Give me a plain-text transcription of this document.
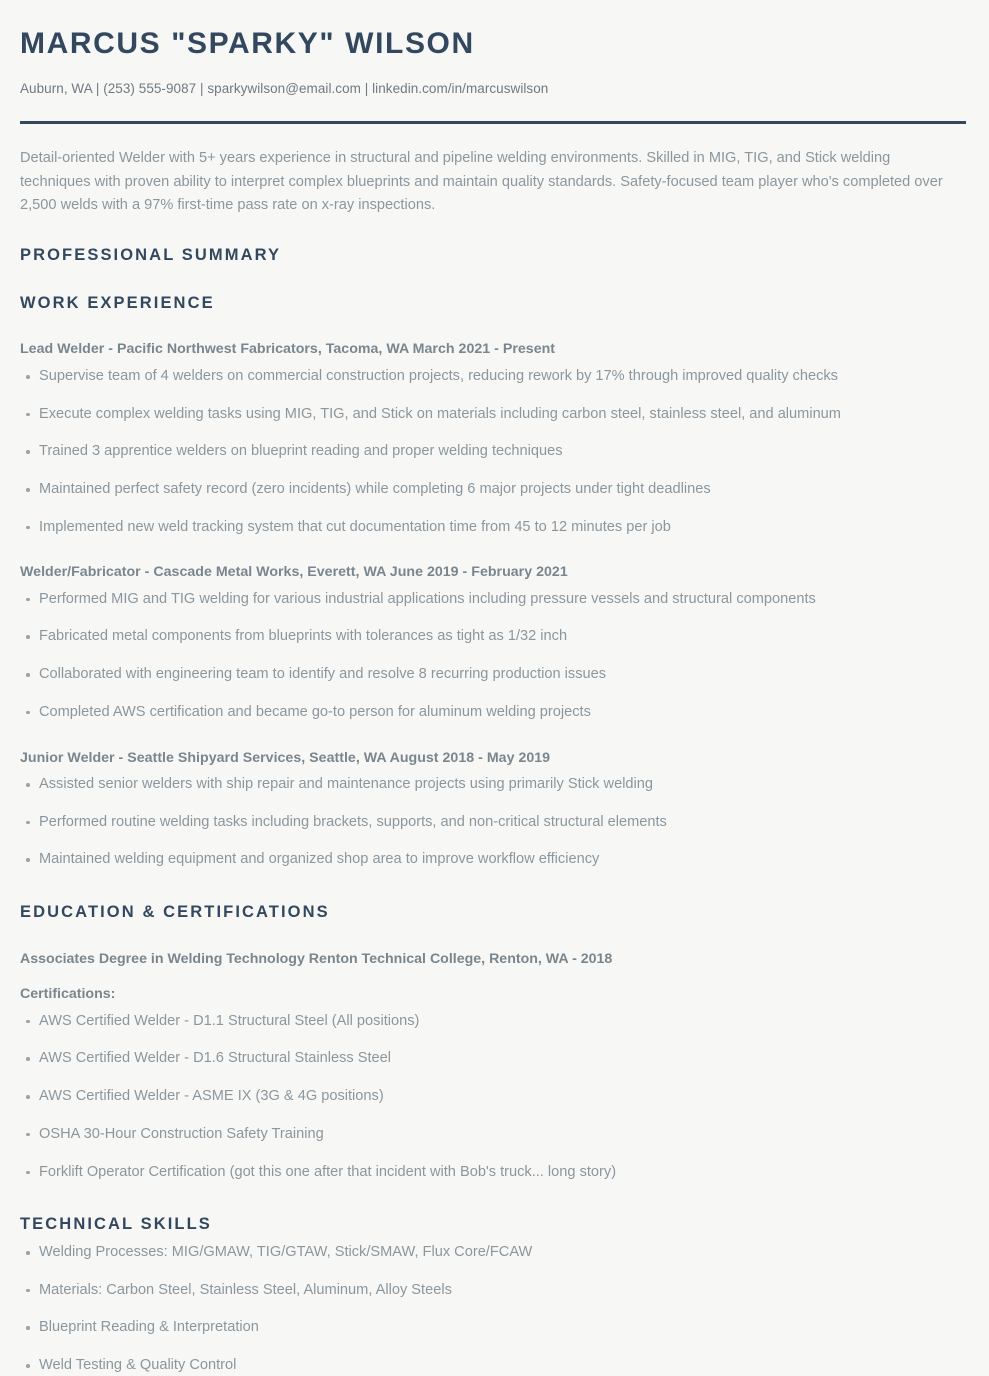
MARCUS "SPARKY" WILSON
Auburn, WA | (253) 555-9087 | sparkywilson@email.com | linkedin.com/in/marcuswilson

Detail-oriented Welder with 5+ years experience in structural and pipeline welding environments. Skilled in MIG, TIG, and Stick welding techniques with proven ability to interpret complex blueprints and maintain quality standards. Safety-focused team player who's completed over 2,500 welds with a 97% first-time pass rate on x-ray inspections.

PROFESSIONAL SUMMARY
WORK EXPERIENCE
Lead Welder - Pacific Northwest Fabricators, Tacoma, WA March 2021 - Present
Supervise team of 4 welders on commercial construction projects, reducing rework by 17% through improved quality checks
Execute complex welding tasks using MIG, TIG, and Stick on materials including carbon steel, stainless steel, and aluminum
Trained 3 apprentice welders on blueprint reading and proper welding techniques
Maintained perfect safety record (zero incidents) while completing 6 major projects under tight deadlines
Implemented new weld tracking system that cut documentation time from 45 to 12 minutes per job
Welder/Fabricator - Cascade Metal Works, Everett, WA June 2019 - February 2021
Performed MIG and TIG welding for various industrial applications including pressure vessels and structural components
Fabricated metal components from blueprints with tolerances as tight as 1/32 inch
Collaborated with engineering team to identify and resolve 8 recurring production issues
Completed AWS certification and became go-to person for aluminum welding projects
Junior Welder - Seattle Shipyard Services, Seattle, WA August 2018 - May 2019
Assisted senior welders with ship repair and maintenance projects using primarily Stick welding
Performed routine welding tasks including brackets, supports, and non-critical structural elements
Maintained welding equipment and organized shop area to improve workflow efficiency
EDUCATION & CERTIFICATIONS
Associates Degree in Welding Technology Renton Technical College, Renton, WA - 2018
Certifications:
AWS Certified Welder - D1.1 Structural Steel (All positions)
AWS Certified Welder - D1.6 Structural Stainless Steel
AWS Certified Welder - ASME IX (3G & 4G positions)
OSHA 30-Hour Construction Safety Training
Forklift Operator Certification (got this one after that incident with Bob's truck... long story)
TECHNICAL SKILLS
Welding Processes: MIG/GMAW, TIG/GTAW, Stick/SMAW, Flux Core/FCAW
Materials: Carbon Steel, Stainless Steel, Aluminum, Alloy Steels
Blueprint Reading & Interpretation
Weld Testing & Quality Control
